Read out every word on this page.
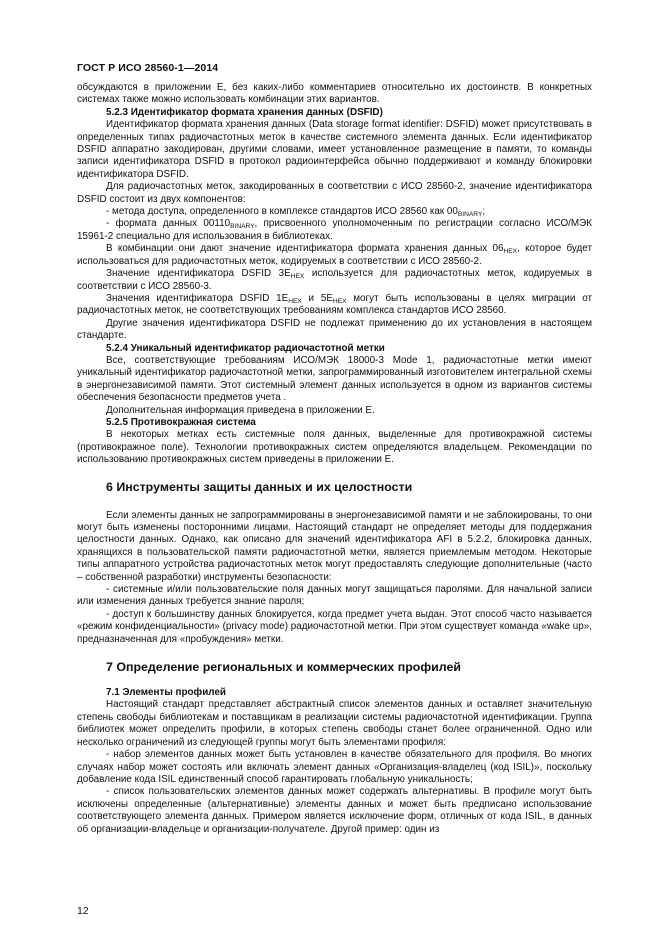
ГОСТ Р ИСО 28560-1—2014

обсуждаются в приложении Е, без каких-либо комментариев относительно их достоинств. В конкретных системах также можно использовать комбинации этих вариантов.

5.2.3 Идентификатор формата хранения данных (DSFID)

Идентификатор формата хранения данных (Data storage format identifier: DSFID) может присутствовать в определенных типах радиочастотных меток в качестве системного элемента данных. Если идентификатор DSFID аппаратно закодирован, другими словами, имеет установленное размещение в памяти, то команды записи идентификатора DSFID в протокол радиоинтерфейса обычно поддерживают и команду блокировки идентификатора DSFID.

Для радиочастотных меток, закодированных в соответствии с ИСО 28560-2, значение идентификатора DSFID состоит из двух компонентов:

- метода доступа, определенного в комплексе стандартов ИСО 28560 как $00_{BINARY}$;

- формата данных $00110_{BINARY}$, присвоенного уполномоченным по регистрации согласно ИСО/МЭК 15961-2 специально для использования в библиотеках.

В комбинации они дают значение идентификатора формата хранения данных $06_{HEX}$, которое будет использоваться для радиочастотных меток, кодируемых в соответствии с ИСО 28560-2.

Значение идентификатора DSFID $3E_{HEX}$ используется для радиочастотных меток, кодируемых в соответствии с ИСО 28560-3.

Значения идентификатора DSFID $1E_{HEX}$ и $5E_{HEX}$ могут быть использованы в целях миграции от радиочастотных меток, не соответствующих требованиям комплекса стандартов ИСО 28560.

Другие значения идентификатора DSFID не подлежат применению до их установления в настоящем стандарте.

5.2.4 Уникальный идентификатор радиочастотной метки

Все, соответствующие требованиям ИСО/МЭК 18000-3 Mode 1, радиочастотные метки имеют уникальный идентификатор радиочастотной метки, запрограммированный изготовителем интегральной схемы в энергонезависимой памяти. Этот системный элемент данных используется в одном из вариантов системы обеспечения безопасности предметов учета .

Дополнительная информация приведена в приложении Е.

5.2.5 Противокражная система

В некоторых метках есть системные поля данных, выделенные для противокражной системы (противокражное поле). Технологии противокражных систем определяются владельцем. Рекомендации по использованию противокражных систем приведены в приложении Е.

6 Инструменты защиты данных и их целостности

Если элементы данных не запрограммированы в энергонезависимой памяти и не заблокированы, то они могут быть изменены посторонними лицами. Настоящий стандарт не определяет методы для поддержания целостности данных. Однако, как описано для значений идентификатора AFI в 5.2.2, блокировка данных, хранящихся в пользовательской памяти радиочастотной метки, является приемлемым методом. Некоторые типы аппаратного устройства радиочастотных меток могут предоставлять следующие дополнительные (часто – собственной разработки) инструменты безопасности:

- системные и/или пользовательские поля данных могут защищаться паролями. Для начальной записи или изменения данных требуется знание пароля;

- доступ к большинству данных блокируется, когда предмет учета выдан. Этот способ часто называется «режим конфиденциальности» (privacy mode) радиочастотной метки. При этом существует команда «wake up», предназначенная для «пробуждения» метки.

7 Определение региональных и коммерческих профилей

7.1 Элементы профилей

Настоящий стандарт представляет абстрактный список элементов данных и оставляет значительную степень свободы библиотекам и поставщикам в реализации системы радиочастотной идентификации. Группа библиотек может определить профили, в которых степень свободы станет более ограниченной. Одно или несколько ограничений из следующей группы могут быть элементами профиля:

- набор элементов данных может быть установлен в качестве обязательного для профиля. Во многих случаях набор может состоять или включать элемент данных «Организация-владелец (код ISIL)», поскольку добавление кода ISIL единственный способ гарантировать глобальную уникальность;

- список пользовательских элементов данных может содержать альтернативы. В профиле могут быть исключены определенные (альтернативные) элементы данных и может быть предписано использование соответствующего элемента данных. Примером является исключение форм, отличных от кода ISIL, в данных об организации-владельце и организации-получателе. Другой пример: один из

12
